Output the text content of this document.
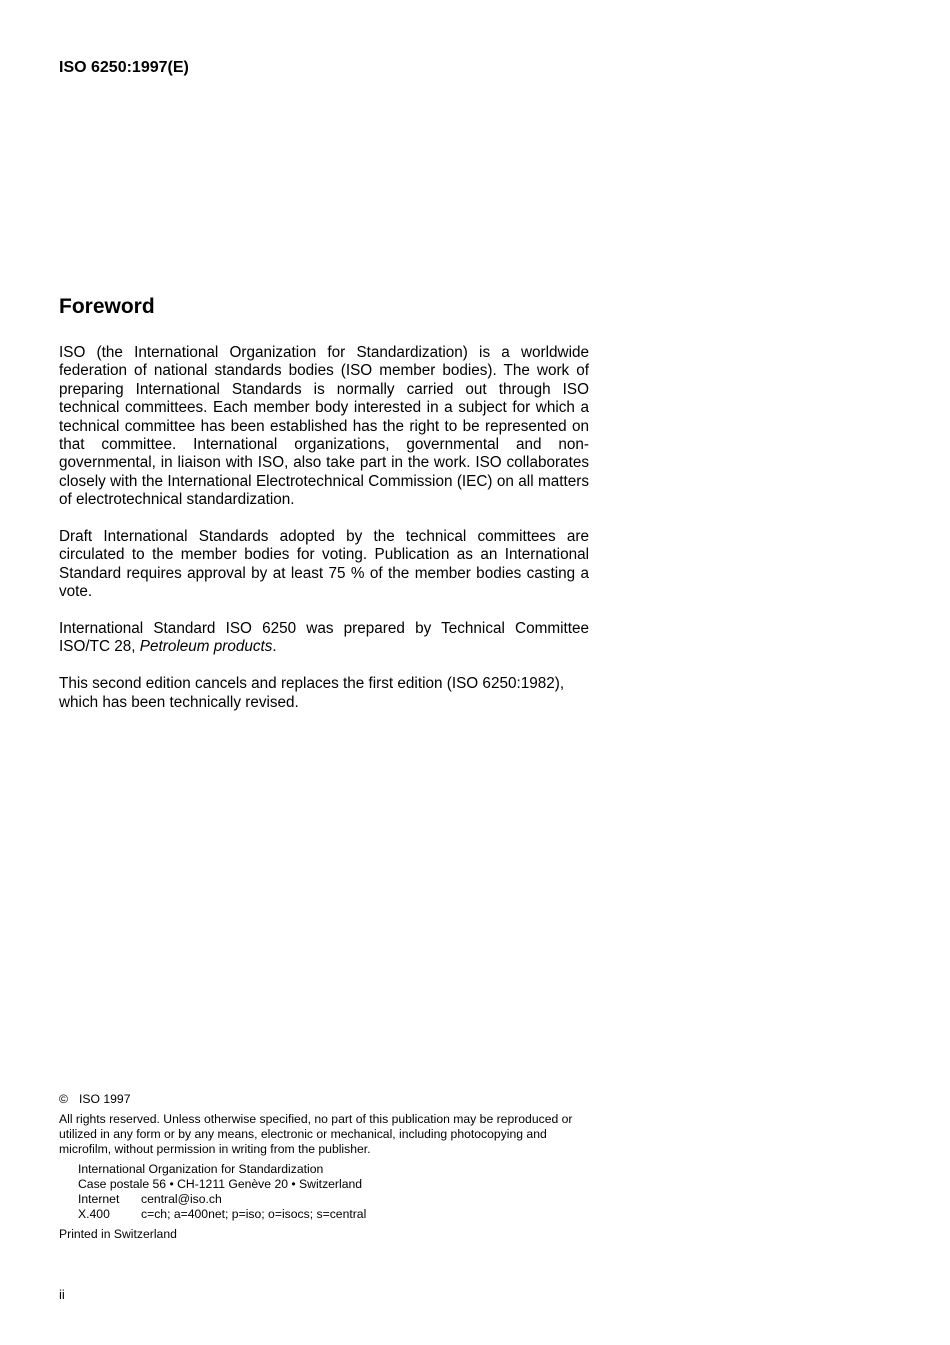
ISO 6250:1997(E)
Foreword

ISO (the International Organization for Standardization) is a worldwide federation of national standards bodies (ISO member bodies). The work of preparing International Standards is normally carried out through ISO technical committees. Each member body interested in a subject for which a technical committee has been established has the right to be represented on that committee. International organizations, governmental and non-governmental, in liaison with ISO, also take part in the work. ISO collaborates closely with the International Electrotechnical Commission (IEC) on all matters of electrotechnical standardization.

Draft International Standards adopted by the technical committees are circulated to the member bodies for voting. Publication as an International Standard requires approval by at least 75 % of the member bodies casting a vote.

International Standard ISO 6250 was prepared by Technical Committee ISO/TC 28, Petroleum products.

This second edition cancels and replaces the first edition (ISO 6250:1982), which has been technically revised.

© ISO 1997
All rights reserved. Unless otherwise specified, no part of this publication may be reproduced or utilized in any form or by any means, electronic or mechanical, including photocopying and microfilm, without permission in writing from the publisher.
International Organization for Standardization
Case postale 56 • CH-1211 Genève 20 • Switzerland
Internet central@iso.ch
X.400	c=ch; a=400net; p=iso; o=isocs; s=central
Printed in Switzerland
ii
